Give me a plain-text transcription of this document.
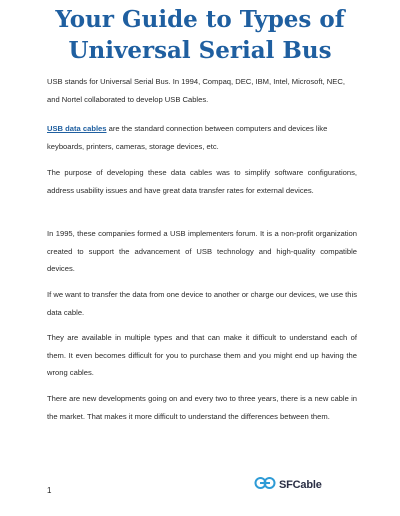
Your Guide to Types of
Universal Serial Bus

USB stands for Universal Serial Bus. In 1994, Compaq, DEC, IBM, Intel, Microsoft, NEC, and Nortel collaborated to develop USB Cables.

USB data cables are the standard connection between computers and devices like keyboards, printers, cameras, storage devices, etc.

The purpose of developing these data cables was to simplify software configurations, address usability issues and have great data transfer rates for external devices.

In 1995, these companies formed a USB implementers forum. It is a non-profit organization created to support the advancement of USB technology and high-quality compatible devices.

If we want to transfer the data from one device to another or charge our devices, we use this data cable.

They are available in multiple types and that can make it difficult to understand each of them. It even becomes difficult for you to purchase them and you might end up having the wrong cables.

There are new developments going on and every two to three years, there is a new cable in the market. That makes it more difficult to understand the differences between them.

1	SFCable
